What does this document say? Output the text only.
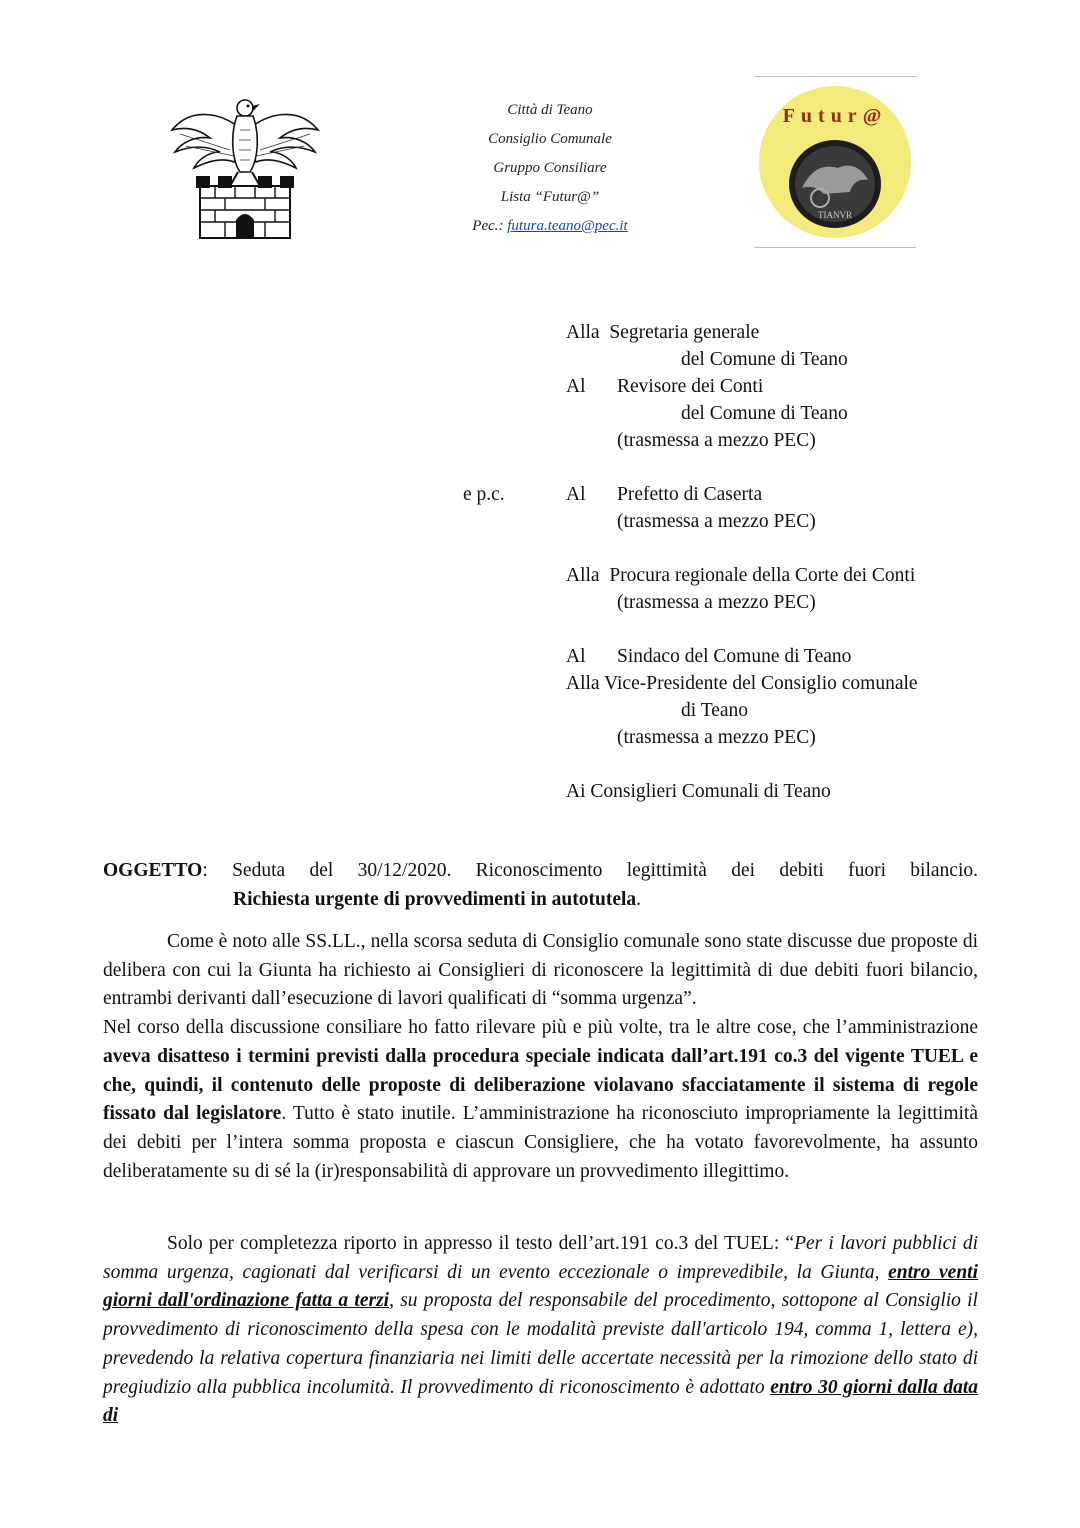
Città di Teano
Consiglio Comunale
Gruppo Consiliare
Lista “Futur@”
Pec.: futura.teano@pec.it
Futur@
TIANVR
Alla Segretaria generale
del Comune di Teano
Al Revisore dei Conti
del Comune di Teano
(trasmessa a mezzo PEC)
e p.c.	Al Prefetto di Caserta
(trasmessa a mezzo PEC)
Alla Procura regionale della Corte dei Conti
(trasmessa a mezzo PEC)
Al Sindaco del Comune di Teano
Alla Vice-Presidente del Consiglio comunale
di Teano
(trasmessa a mezzo PEC)
Ai Consiglieri Comunali di Teano
OGGETTO: Seduta del 30/12/2020. Riconoscimento legittimità dei debiti fuori bilancio.
Richiesta urgente di provvedimenti in autotutela.
Come è noto alle SS.LL., nella scorsa seduta di Consiglio comunale sono state discusse due proposte di delibera con cui la Giunta ha richiesto ai Consiglieri di riconoscere la legittimità di due debiti fuori bilancio, entrambi derivanti dall’esecuzione di lavori qualificati di “somma urgenza”.
Nel corso della discussione consiliare ho fatto rilevare più e più volte, tra le altre cose, che l’amministrazione aveva disatteso i termini previsti dalla procedura speciale indicata dall’art.191 co.3 del vigente TUEL e che, quindi, il contenuto delle proposte di deliberazione violavano sfacciatamente il sistema di regole fissato dal legislatore. Tutto è stato inutile. L’amministrazione ha riconosciuto impropriamente la legittimità dei debiti per l’intera somma proposta e ciascun Consigliere, che ha votato favorevolmente, ha assunto deliberatamente su di sé la (ir)responsabilità di approvare un provvedimento illegittimo.
Solo per completezza riporto in appresso il testo dell’art.191 co.3 del TUEL: “Per i lavori pubblici di somma urgenza, cagionati dal verificarsi di un evento eccezionale o imprevedibile, la Giunta, entro venti giorni dall'ordinazione fatta a terzi, su proposta del responsabile del procedimento, sottopone al Consiglio il provvedimento di riconoscimento della spesa con le modalità previste dall'articolo 194, comma 1, lettera e), prevedendo la relativa copertura finanziaria nei limiti delle accertate necessità per la rimozione dello stato di pregiudizio alla pubblica incolumità. Il provvedimento di riconoscimento è adottato entro 30 giorni dalla data di
